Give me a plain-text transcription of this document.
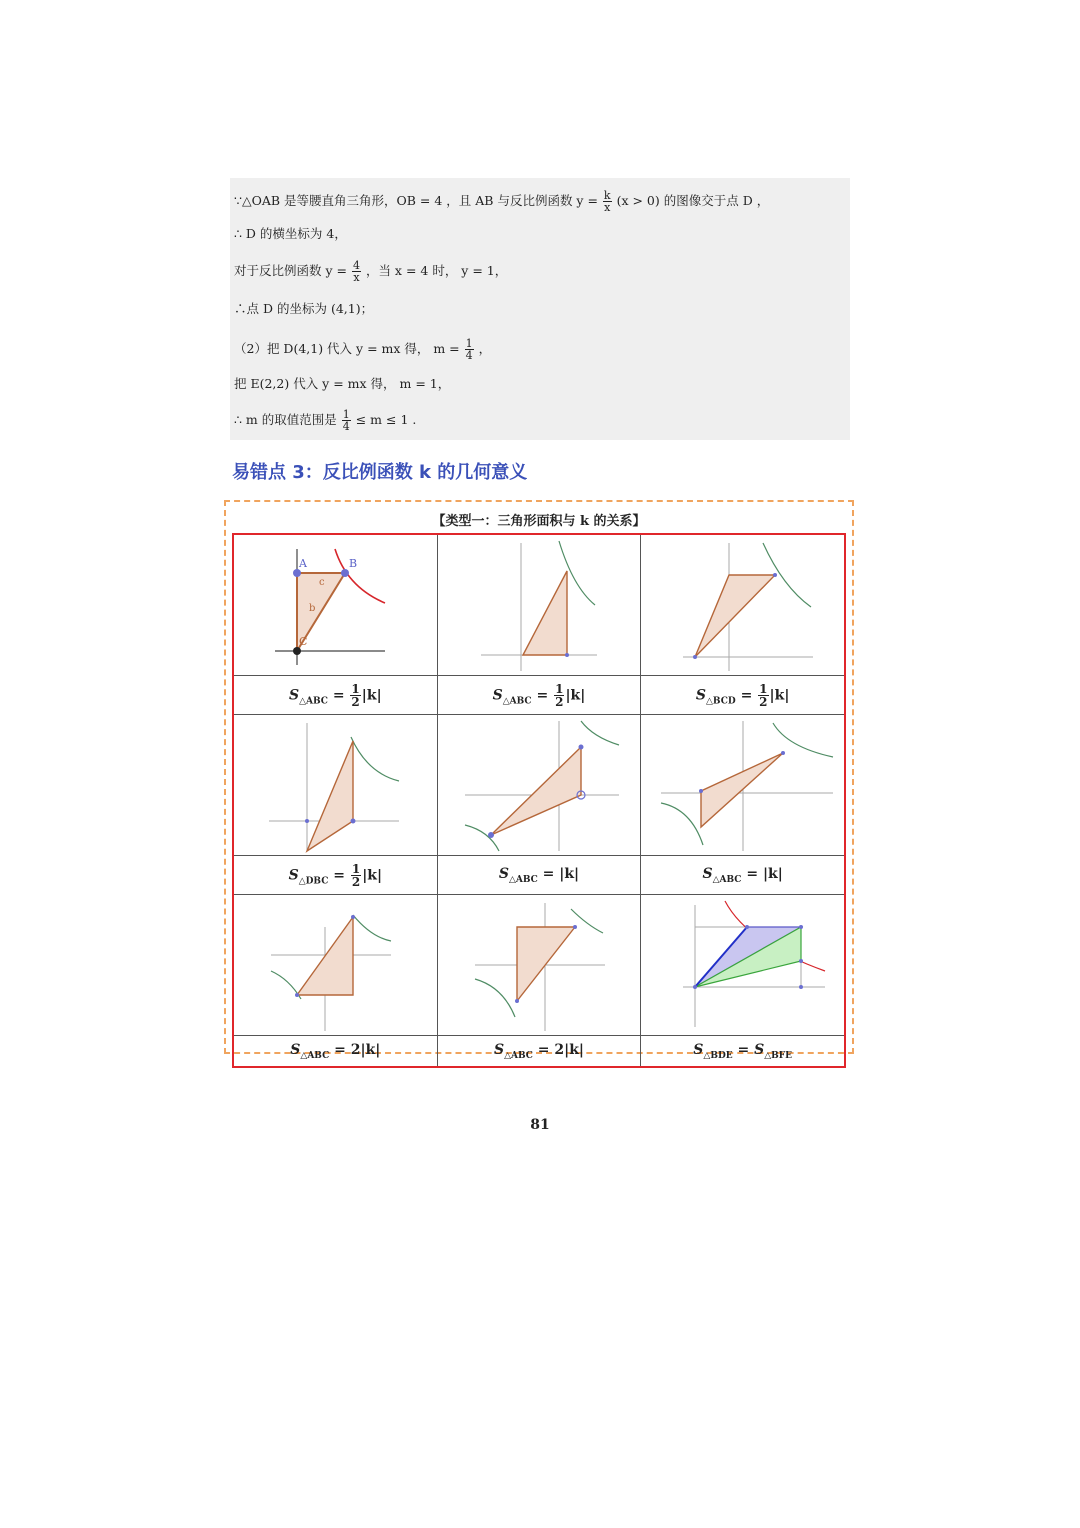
∵△OAB 是等腰直角三角形，OB = 4 ，且 AB 与反比例函数 $y = \frac{k}{x} (x > 0)$ 的图像交于点 D ，
∴ D 的横坐标为 4，
对于反比例函数 $y = \frac{4}{x}$ ，当 x = 4 时， y = 1，
∴点 D 的坐标为 (4,1)；
（2）把 D(4,1) 代入 y = mx 得， $m = \frac{1}{4}$ ，
把 E(2,2) 代入 y = mx 得， m = 1，
∴ m 的取值范围是 $\frac{1}{4} \le m \le 1$ .
易错点 3：反比例函数 k 的几何意义
【类型一：三角形面积与 k 的关系】
A B
C
c
b

$S_{\triangle ABC} = \frac{1}{2} |k|$	$S_{\triangle ABC} = \frac{1}{2} |k|$	$S_{\triangle BCD} = \frac{1}{2} |k|$

$S_{\triangle DBC} = \frac{1}{2} |k|$	$S_{\triangle ABC} = |k|$	$S_{\triangle ABC} = |k|$

$S_{\triangle ABC} = 2|k|$	$S_{\triangle ABC} = 2|k|$	$S_{\triangle BDE} = S_{\triangle BFE}$
81
